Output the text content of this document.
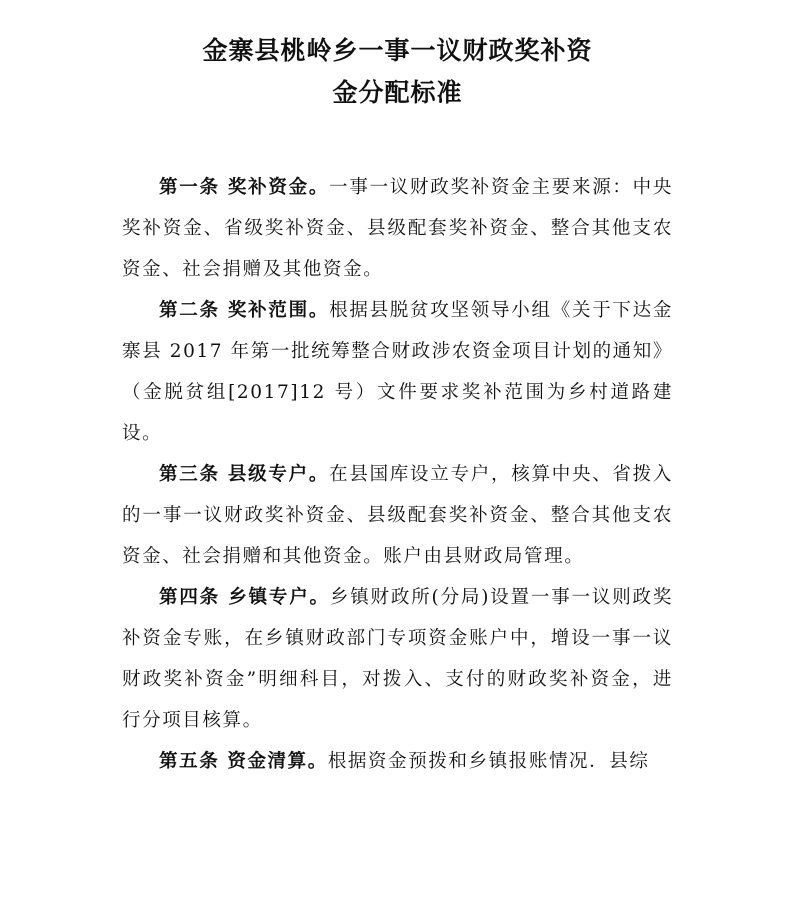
金寨县桃岭乡一事一议财政奖补资
金分配标准

第一条 奖补资金。一事一议财政奖补资金主要来源：中央奖补资金、省级奖补资金、县级配套奖补资金、整合其他支农资金、社会捐赠及其他资金。

第二条 奖补范围。根据县脱贫攻坚领导小组《关于下达金寨县 2017 年第一批统筹整合财政涉农资金项目计划的通知》（金脱贫组[2017]12 号）文件要求奖补范围为乡村道路建设。

第三条 县级专户。在县国库设立专户，核算中央、省拨入的一事一议财政奖补资金、县级配套奖补资金、整合其他支农资金、社会捐赠和其他资金。账户由县财政局管理。

第四条 乡镇专户。乡镇财政所(分局)设置一事一议则政奖补资金专账，在乡镇财政部门专项资金账户中，增设一事一议财政奖补资金”明细科目，对拨入、支付的财政奖补资金，进行分项目核算。

第五条 资金清算。根据资金预拨和乡镇报账情况．县综
